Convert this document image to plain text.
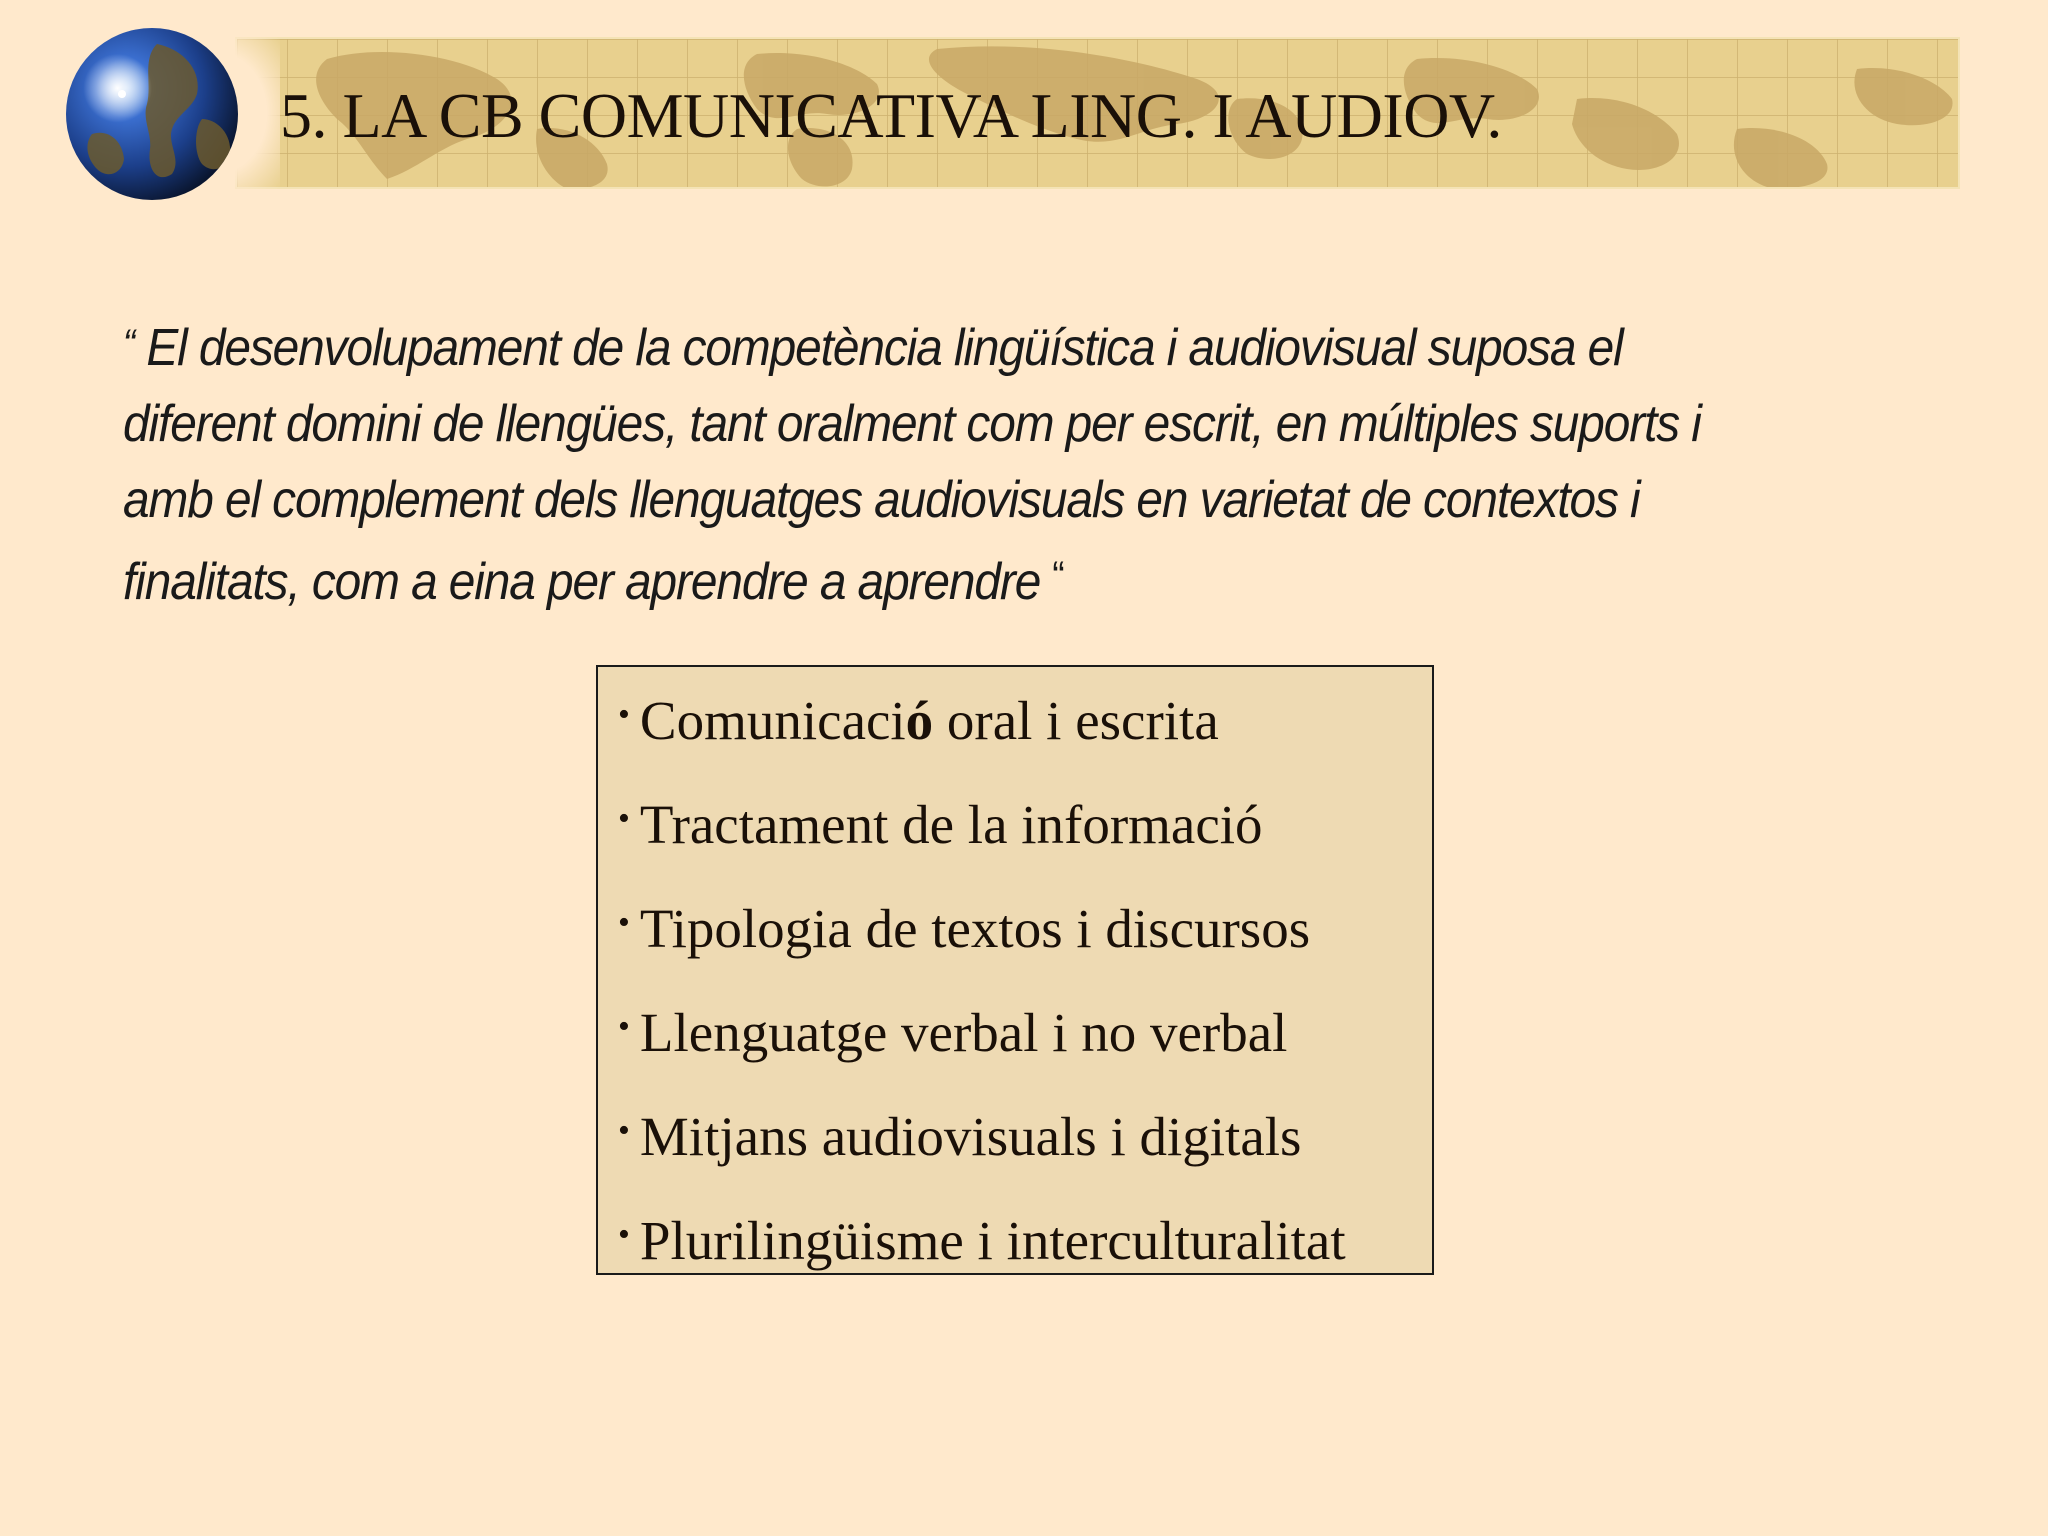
5. LA CB COMUNICATIVA LING. I AUDIOV.
“ El desenvolupament de la competència lingüística i audiovisual suposa el
diferent domini de llengües, tant oralment com per escrit, en múltiples suports i
amb el complement dels llenguatges audiovisuals en varietat de contextos i
finalitats, com a eina per aprendre a aprendre “
• Comunicació oral i escrita
• Tractament de la informació
• Tipologia de textos i discursos
• Llenguatge verbal i no verbal
• Mitjans audiovisuals i digitals
• Plurilingüisme i interculturalitat
